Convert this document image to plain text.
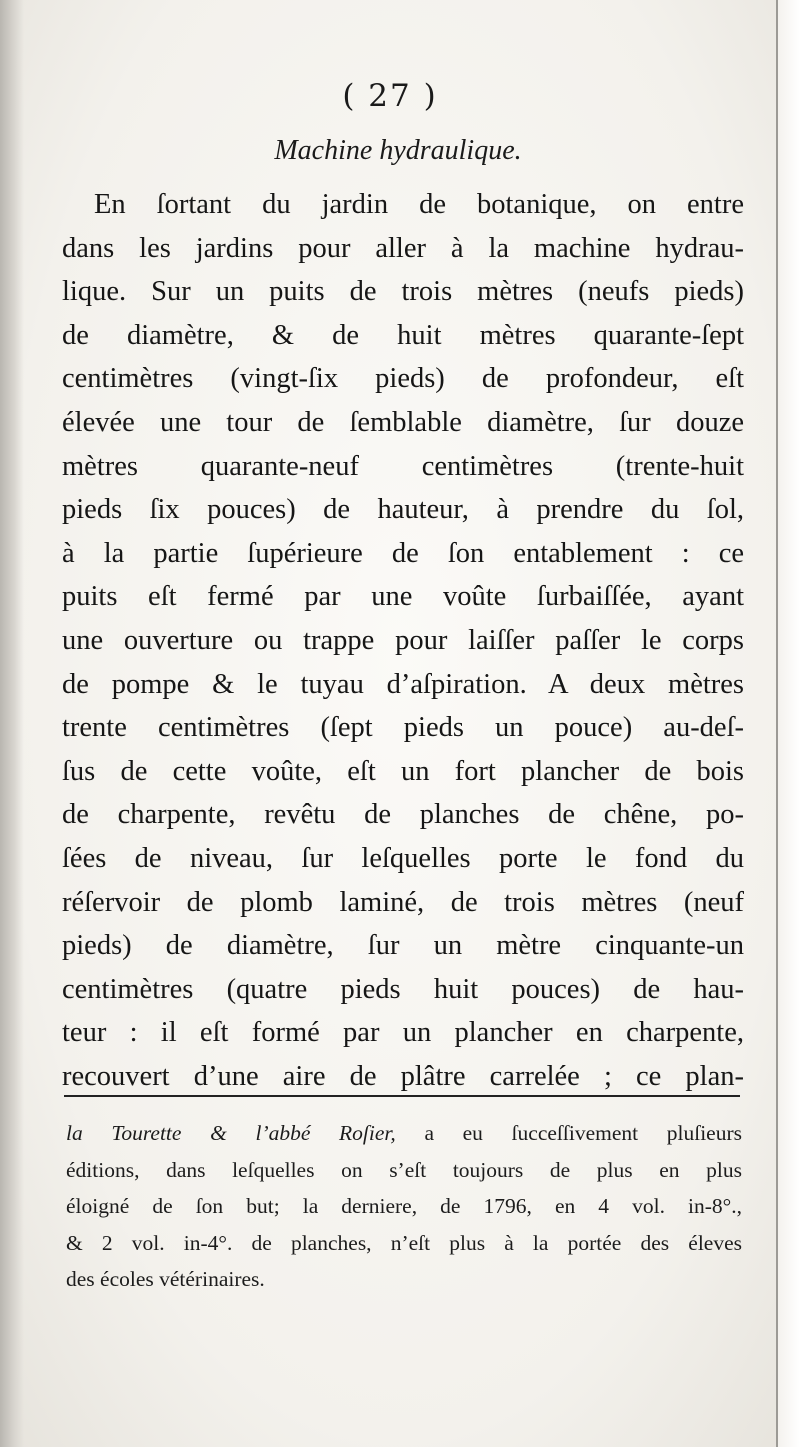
( 27 )
Machine hydraulique.
En ſortant du jardin de botanique, on entre
dans les jardins pour aller à la machine hydrau-
lique. Sur un puits de trois mètres (neufs pieds)
de diamètre, & de huit mètres quarante-ſept
centimètres (vingt-ſix pieds) de profondeur, eſt
élevée une tour de ſemblable diamètre, ſur douze
mètres quarante-neuf centimètres (trente-huit
pieds ſix pouces) de hauteur, à prendre du ſol,
à la partie ſupérieure de ſon entablement : ce
puits eſt fermé par une voûte ſurbaiſſée, ayant
une ouverture ou trappe pour laiſſer paſſer le corps
de pompe & le tuyau d’aſpiration. A deux mètres
trente centimètres (ſept pieds un pouce) au-deſ-
ſus de cette voûte, eſt un fort plancher de bois
de charpente, revêtu de planches de chêne, po-
ſées de niveau, ſur leſquelles porte le fond du
réſervoir de plomb laminé, de trois mètres (neuf
pieds) de diamètre, ſur un mètre cinquante-un
centimètres (quatre pieds huit pouces) de hau-
teur : il eſt formé par un plancher en charpente,
recouvert d’une aire de plâtre carrelée ; ce plan-
la Tourette & l’abbé Roſier, a eu ſucceſſivement pluſieurs
éditions, dans leſquelles on s’eſt toujours de plus en plus
éloigné de ſon but; la derniere, de 1796, en 4 vol. in-8°.,
& 2 vol. in-4°. de planches, n’eſt plus à la portée des éleves
des écoles vétérinaires.
